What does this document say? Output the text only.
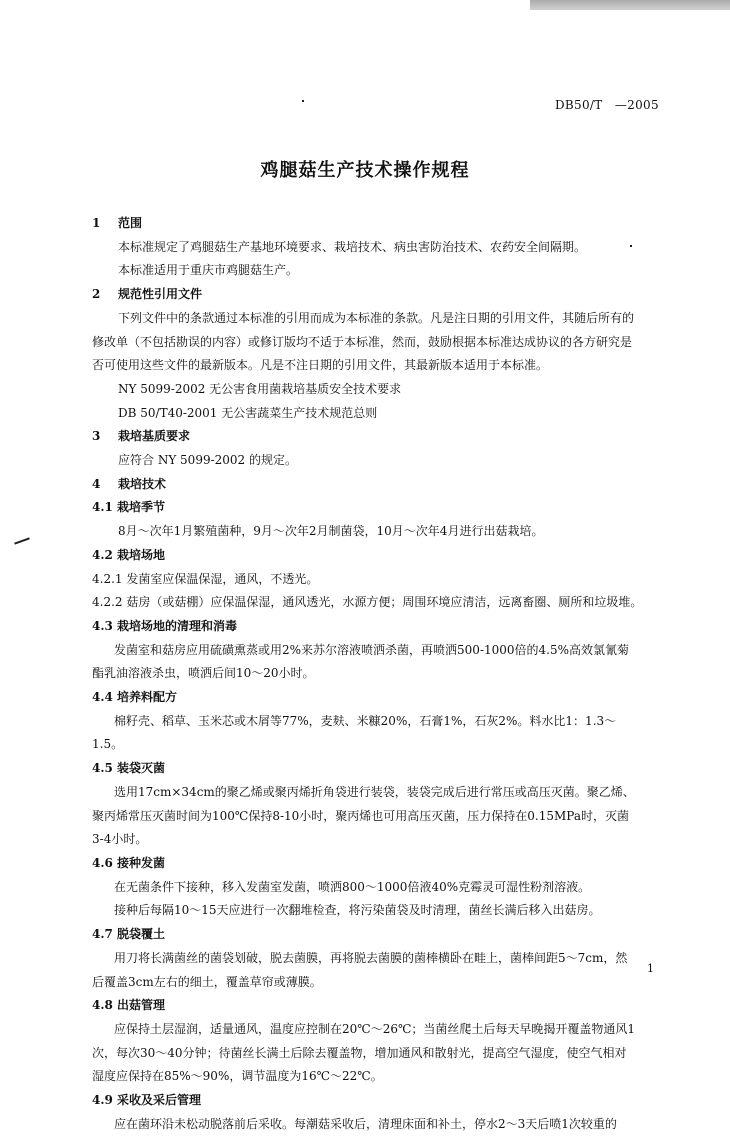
DB50/T　—2005
鸡腿菇生产技术操作规程
1 范围
本标准规定了鸡腿菇生产基地环境要求、栽培技术、病虫害防治技术、农药安全间隔期。
本标准适用于重庆市鸡腿菇生产。
2 规范性引用文件
下列文件中的条款通过本标准的引用而成为本标准的条款。凡是注日期的引用文件，其随后所有的
修改单（不包括勘误的内容）或修订版均不适于本标准，然而，鼓励根据本标准达成协议的各方研究是
否可使用这些文件的最新版本。凡是不注日期的引用文件，其最新版本适用于本标准。
NY 5099-2002 无公害食用菌栽培基质安全技术要求
DB 50/T40-2001 无公害蔬菜生产技术规范总则
3 栽培基质要求
应符合 NY 5099-2002 的规定。
4 栽培技术
4.1 栽培季节
8月～次年1月繁殖菌种，9月～次年2月制菌袋，10月～次年4月进行出菇栽培。
4.2 栽培场地
4.2.1 发菌室应保温保湿，通风，不透光。
4.2.2 菇房（或菇棚）应保温保湿，通风透光，水源方便；周围环境应清洁，远离畜圈、厕所和垃圾堆。
4.3 栽培场地的清理和消毒
发菌室和菇房应用硫磺熏蒸或用2%来苏尔溶液喷洒杀菌，再喷洒500-1000倍的4.5%高效氯氰菊
酯乳油溶液杀虫，喷洒后间10～20小时。
4.4 培养料配方
棉籽壳、稻草、玉米芯或木屑等77%，麦麸、米糠20%，石膏1%，石灰2%。料水比1：1.3～
1.5。
4.5 装袋灭菌
选用17cm×34cm的聚乙烯或聚丙烯折角袋进行装袋，装袋完成后进行常压或高压灭菌。聚乙烯、
聚丙烯常压灭菌时间为100℃保持8-10小时，聚丙烯也可用高压灭菌，压力保持在0.15MPa时，灭菌
3-4小时。
4.6 接种发菌
在无菌条件下接种，移入发菌室发菌，喷洒800～1000倍液40%克霉灵可湿性粉剂溶液。
接种后每隔10～15天应进行一次翻堆检查，将污染菌袋及时清理，菌丝长满后移入出菇房。
4.7 脱袋覆土
用刀将长满菌丝的菌袋划破，脱去菌膜，再将脱去菌膜的菌棒横卧在畦上，菌棒间距5～7cm，然
后覆盖3cm左右的细土，覆盖草帘或薄膜。
4.8 出菇管理
应保持土层湿润，适量通风，温度应控制在20℃～26℃；当菌丝爬土后每天早晚揭开覆盖物通风1
次，每次30～40分钟；待菌丝长满土后除去覆盖物，增加通风和散射光，提高空气湿度，使空气相对
湿度应保持在85%～90%，调节温度为16℃～22℃。
4.9 采收及采后管理
应在菌环沿未松动脱落前后采收。每潮菇采收后，清理床面和补土，停水2～3天后喷1次较重的
1
